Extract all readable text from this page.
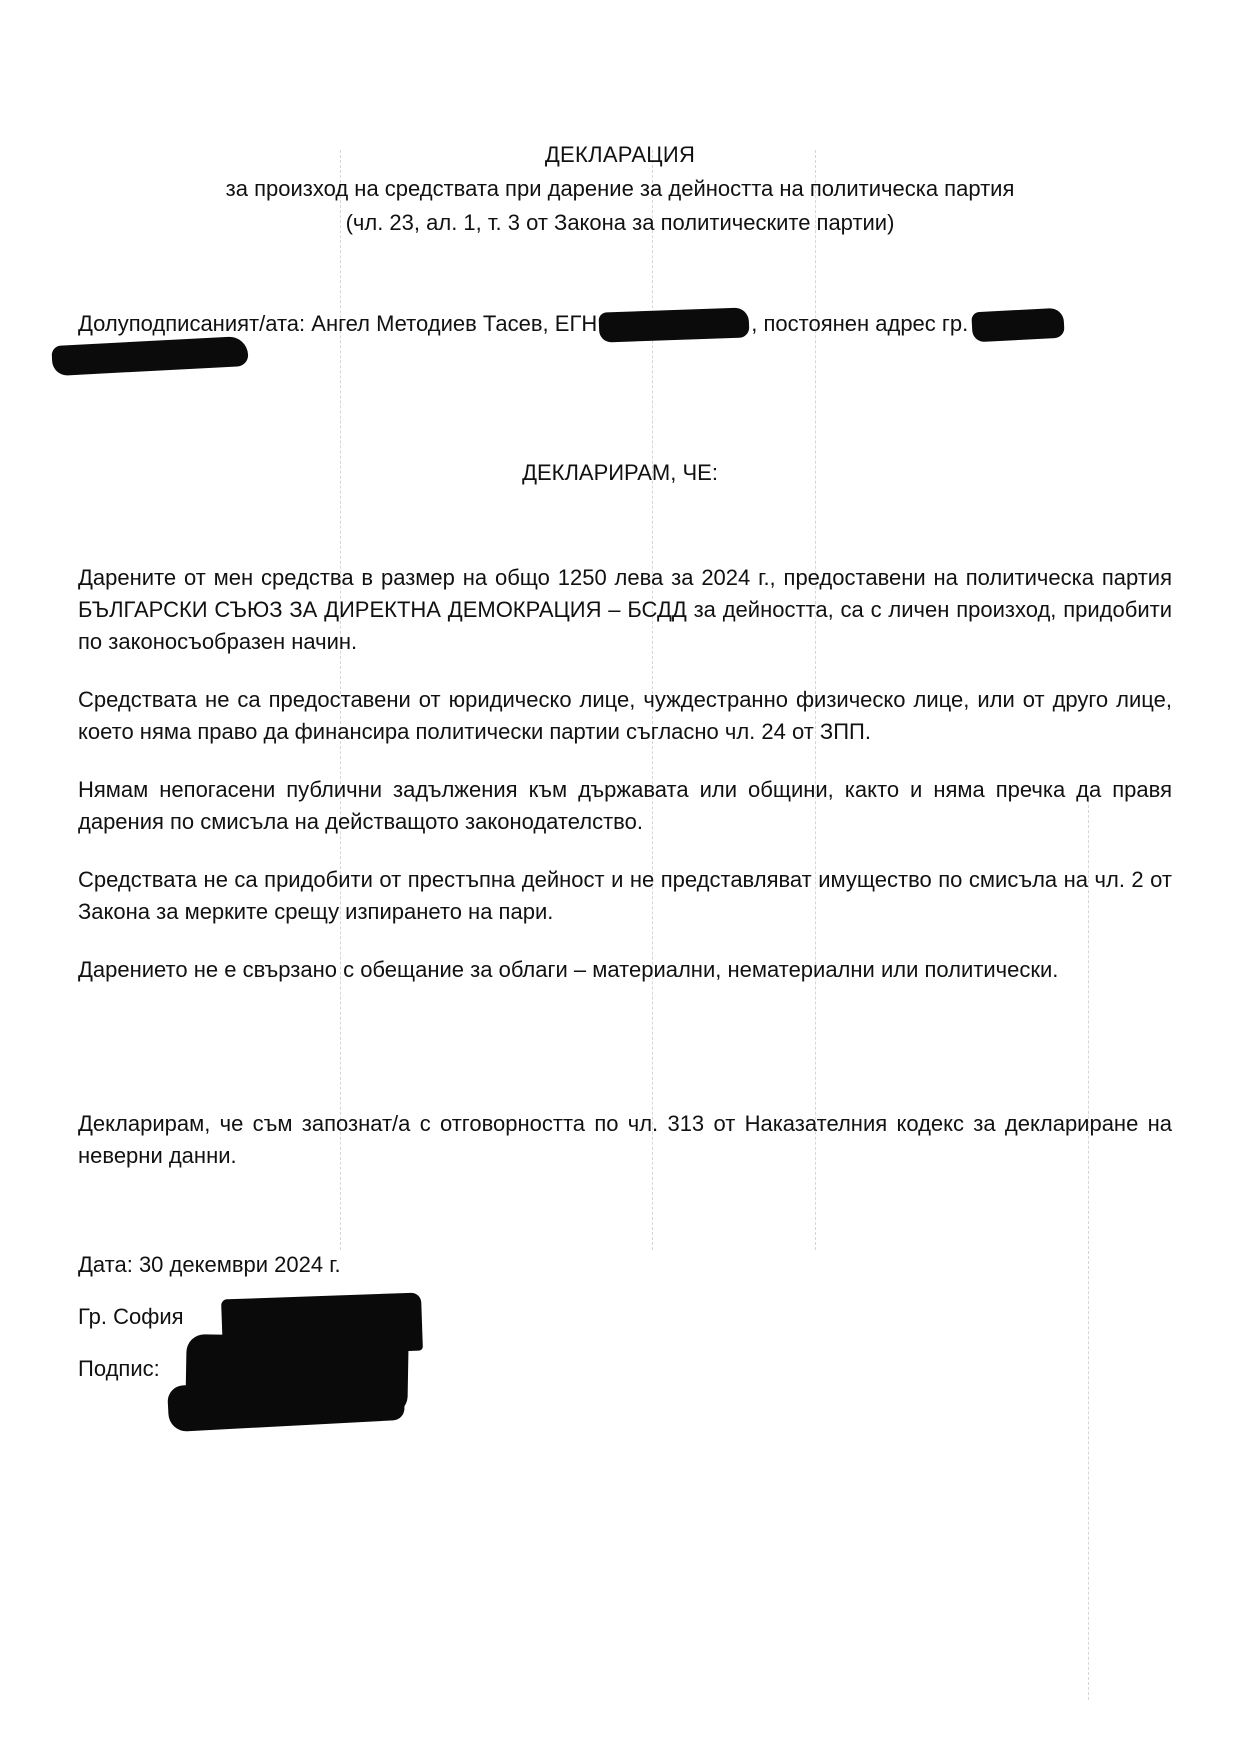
ДЕКЛАРАЦИЯ
за произход на средствата при дарение за дейността на политическа партия
(чл. 23, ал. 1, т. 3 от Закона за политическите партии)
Долуподписаният/ата: Ангел Методиев Тасев, ЕГН	, постоянен адрес гр.
ДЕКЛАРИРАМ, ЧЕ:

Дарените от мен средства в размер на общо 1250 лева за 2024 г., предоставени на политическа партия БЪЛГАРСКИ СЪЮЗ ЗА ДИРЕКТНА ДЕМОКРАЦИЯ – БСДД за дейността, са с личен произход, придобити по законосъобразен начин.

Средствата не са предоставени от юридическо лице, чуждестранно физическо лице, или от друго лице, което няма право да финансира политически партии съгласно чл. 24 от ЗПП.

Нямам непогасени публични задължения към държавата или общини, както и няма пречка да правя дарения по смисъла на действащото законодателство.

Средствата не са придобити от престъпна дейност и не представляват имущество по смисъла на чл. 2 от Закона за мерките срещу изпирането на пари.

Дарението не е свързано с обещание за облаги – материални, нематериални или политически.

Декларирам, че съм запознат/а с отговорността по чл. 313 от Наказателния кодекс за деклариране на неверни данни.

Дата: 30 декември 2024 г.
Гр. София
Подпис:
